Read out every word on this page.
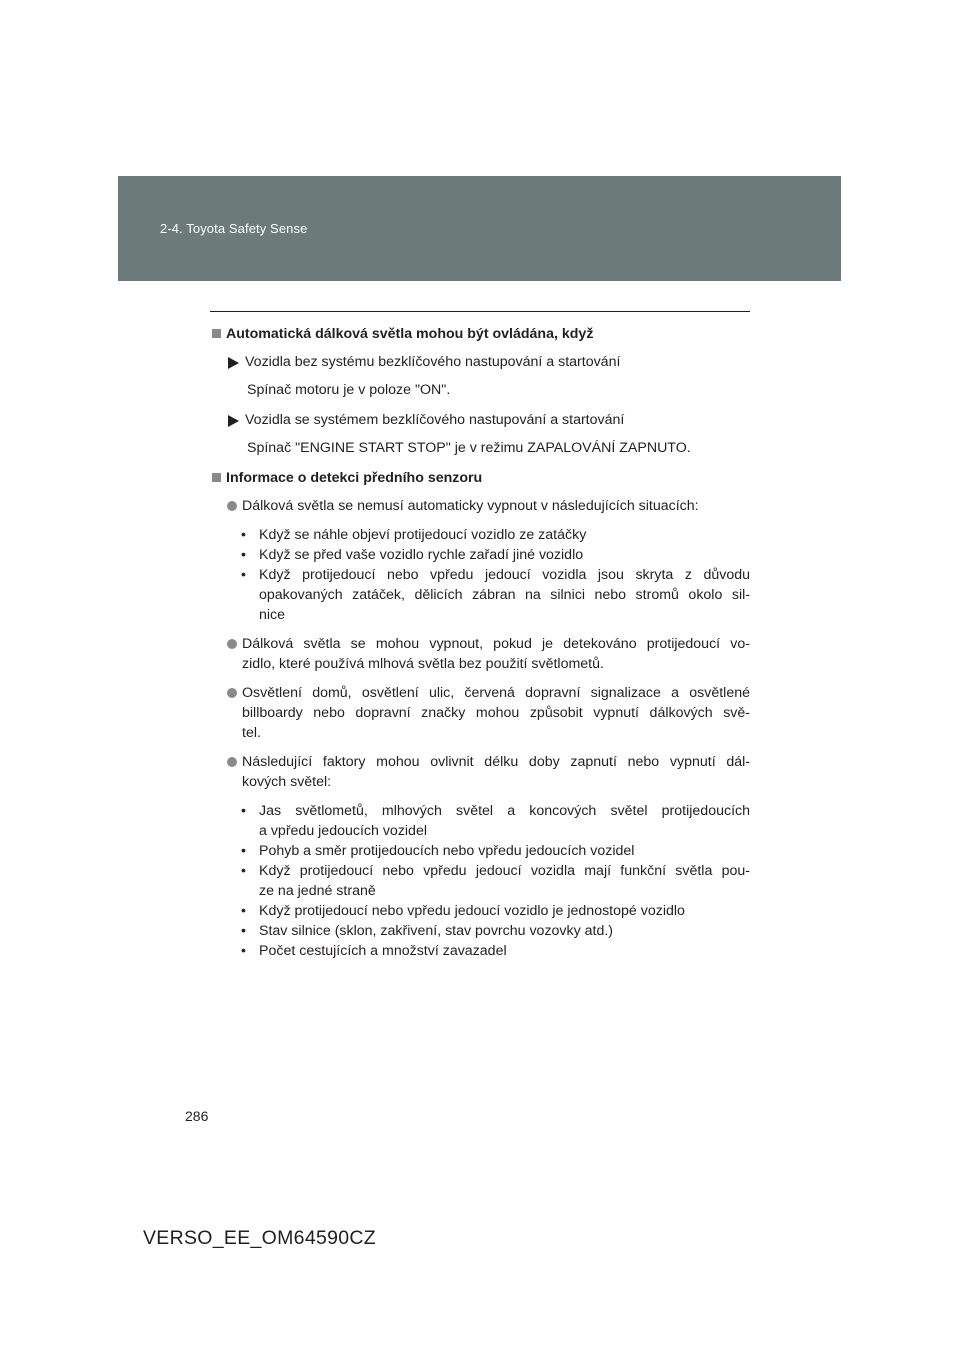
2-4. Toyota Safety Sense
Automatická dálková světla mohou být ovládána, když
Vozidla bez systému bezklíčového nastupování a startování
Spínač motoru je v poloze "ON".
Vozidla se systémem bezklíčového nastupování a startování
Spínač "ENGINE START STOP" je v režimu ZAPALOVÁNÍ ZAPNUTO.
Informace o detekci předního senzoru
Dálková světla se nemusí automaticky vypnout v následujících situacích:
• Když se náhle objeví protijedoucí vozidlo ze zatáčky
• Když se před vaše vozidlo rychle zařadí jiné vozidlo
• Když protijedoucí nebo vpředu jedoucí vozidla jsou skryta z důvodu
opakovaných zatáček, dělicích zábran na silnici nebo stromů okolo sil-
nice
Dálková světla se mohou vypnout, pokud je detekováno protijedoucí vo-
zidlo, které používá mlhová světla bez použití světlometů.
Osvětlení domů, osvětlení ulic, červená dopravní signalizace a osvětlené
billboardy nebo dopravní značky mohou způsobit vypnutí dálkových svě-
tel.
Následující faktory mohou ovlivnit délku doby zapnutí nebo vypnutí dál-
kových světel:
• Jas světlometů, mlhových světel a koncových světel protijedoucích
a vpředu jedoucích vozidel
• Pohyb a směr protijedoucích nebo vpředu jedoucích vozidel
• Když protijedoucí nebo vpředu jedoucí vozidla mají funkční světla pou-
ze na jedné straně
• Když protijedoucí nebo vpředu jedoucí vozidlo je jednostopé vozidlo
• Stav silnice (sklon, zakřivení, stav povrchu vozovky atd.)
• Počet cestujících a množství zavazadel
286
VERSO_EE_OM64590CZ
